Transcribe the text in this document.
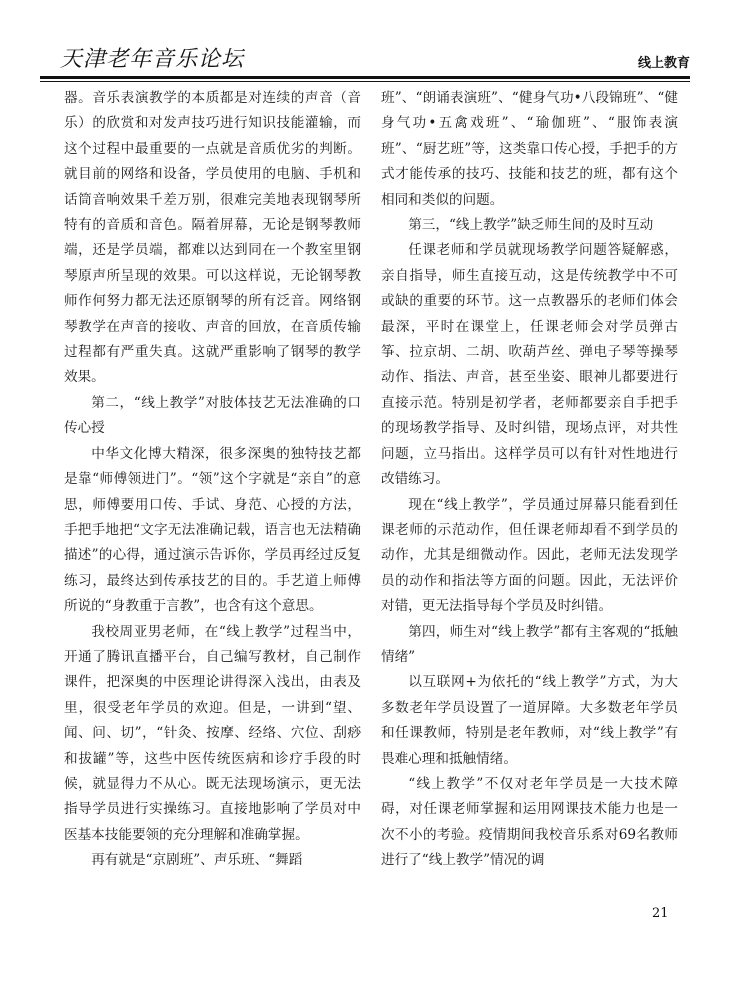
天津老年音乐论坛	线上教育

器。音乐表演教学的本质都是对连续的声音（音乐）的欣赏和对发声技巧进行知识技能灌输，而这个过程中最重要的一点就是音质优劣的判断。就目前的网络和设备，学员使用的电脑、手机和话筒音响效果千差万别，很难完美地表现钢琴所特有的音质和音色。隔着屏幕，无论是钢琴教师端，还是学员端，都难以达到同在一个教室里钢琴原声所呈现的效果。可以这样说，无论钢琴教师作何努力都无法还原钢琴的所有泛音。网络钢琴教学在声音的接收、声音的回放，在音质传输过程都有严重失真。这就严重影响了钢琴的教学效果。

第二，“线上教学”对肢体技艺无法准确的口传心授

中华文化博大精深，很多深奥的独特技艺都是靠“师傅领进门”。“领”这个字就是“亲自”的意思，师傅要用口传、手试、身范、心授的方法，手把手地把“文字无法准确记载，语言也无法精确描述”的心得，通过演示告诉你，学员再经过反复练习，最终达到传承技艺的目的。手艺道上师傅所说的“身教重于言教”，也含有这个意思。

我校周亚男老师，在“线上教学”过程当中，开通了腾讯直播平台，自己编写教材，自己制作课件，把深奥的中医理论讲得深入浅出，由表及里，很受老年学员的欢迎。但是，一讲到“望、闻、问、切”，“针灸、按摩、经络、穴位、刮痧和拔罐”等，这些中医传统医病和诊疗手段的时候，就显得力不从心。既无法现场演示，更无法指导学员进行实操练习。直接地影响了学员对中医基本技能要领的充分理解和准确掌握。

再有就是“京剧班”、声乐班、“舞蹈

班”、“朗诵表演班”、“健身气功•八段锦班”、“健身气功•五禽戏班”、“瑜伽班”、“服饰表演班”、“厨艺班”等，这类靠口传心授，手把手的方式才能传承的技巧、技能和技艺的班，都有这个相同和类似的问题。

第三，“线上教学”缺乏师生间的及时互动

任课老师和学员就现场教学问题答疑解惑，亲自指导，师生直接互动，这是传统教学中不可或缺的重要的环节。这一点教器乐的老师们体会最深，平时在课堂上，任课老师会对学员弹古筝、拉京胡、二胡、吹葫芦丝、弹电子琴等操琴动作、指法、声音，甚至坐姿、眼神儿都要进行直接示范。特别是初学者，老师都要亲自手把手的现场教学指导、及时纠错，现场点评，对共性问题，立马指出。这样学员可以有针对性地进行改错练习。

现在“线上教学”，学员通过屏幕只能看到任课老师的示范动作，但任课老师却看不到学员的动作，尤其是细微动作。因此，老师无法发现学员的动作和指法等方面的问题。因此，无法评价对错，更无法指导每个学员及时纠错。

第四，师生对“线上教学”都有主客观的“抵触情绪”

以互联网+为依托的“线上教学”方式，为大多数老年学员设置了一道屏障。大多数老年学员和任课教师，特别是老年教师，对“线上教学”有畏难心理和抵触情绪。

“线上教学”不仅对老年学员是一大技术障碍，对任课老师掌握和运用网课技术能力也是一次不小的考验。疫情期间我校音乐系对69名教师进行了“线上教学”情况的调

21
